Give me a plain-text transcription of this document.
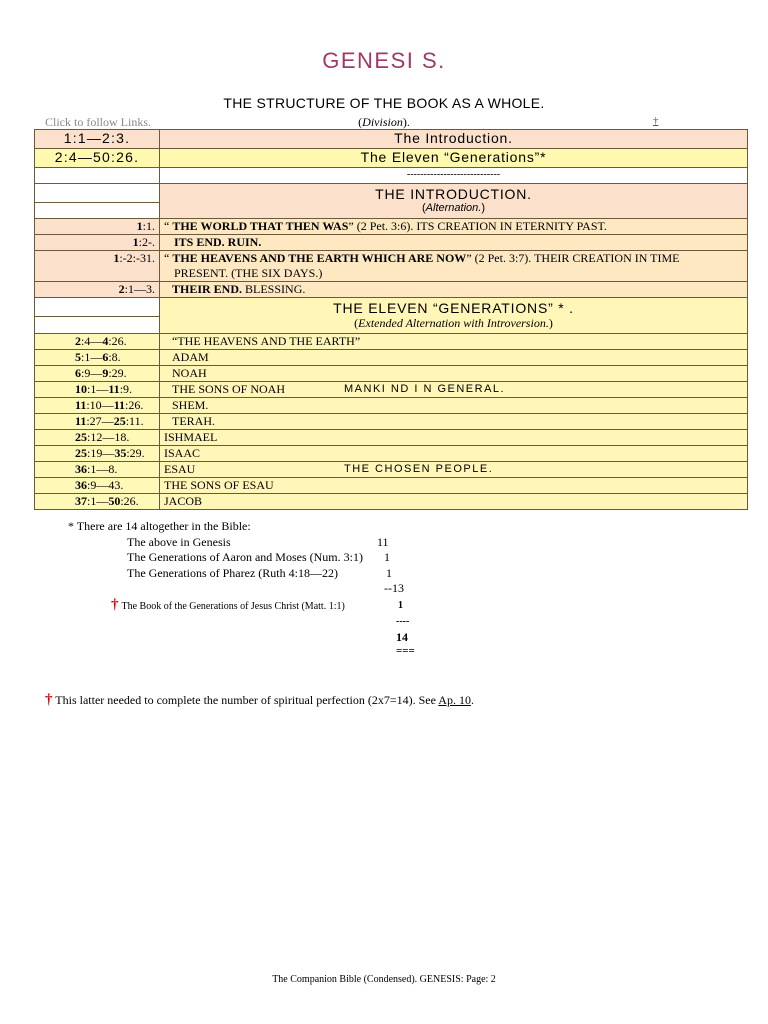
GENESI S.
THE STRUCTURE OF THE BOOK AS A WHOLE.
Click to follow Links.	(Division).	†
1:1—2:3.	The Introduction.
2:4—50:26.	The Eleven “Generations”*
	----------------------------
	THE INTRODUCTION.
	(Alternation.)
1:1.	“ THE WORLD THAT THEN WAS” (2 Pet. 3:6). ITS CREATION IN ETERNITY PAST.
1:2-.	ITS END. RUIN.
1:-2:-31.	“ THE HEAVENS AND THE EARTH WHICH ARE NOW” (2 Pet. 3:7). THEIR CREATION IN TIME
PRESENT. (THE SIX DAYS.)
2:1—3.	THEIR END. BLESSING.
	THE ELEVEN “GENERATIONS” * .
	(Extended Alternation with Introversion.)
2:4—4:26.	“THE HEAVENS AND THE EARTH”

5:1—6:8.	ADAM

6:9—9:29.	NOAH

10:1—11:9.	THE SONS OF NOAH MANKI ND I N GENERAL.

11:10—11:26.	SHEM.

11:27—25:11.	TERAH.

25:12—18.	ISHMAEL

25:19—35:29.	ISAAC

36:1—8.	ESAU THE CHOSEN PEOPLE.

36:9—43.	THE SONS OF ESAU

37:1—50:26.	JACOB
* There are 14 altogether in the Bible:
The above in Genesis	11
The Generations of Aaron and Moses (Num. 3:1) 1
The Generations of Pharez (Ruth 4:18—22)	1
--13
† The Book of the Generations of Jesus Christ (Matt. 1:1)	1
----
14
===
† This latter needed to complete the number of spiritual perfection (2x7=14). See Ap. 10.
The Companion Bible (Condensed). GENESIS: Page: 2
